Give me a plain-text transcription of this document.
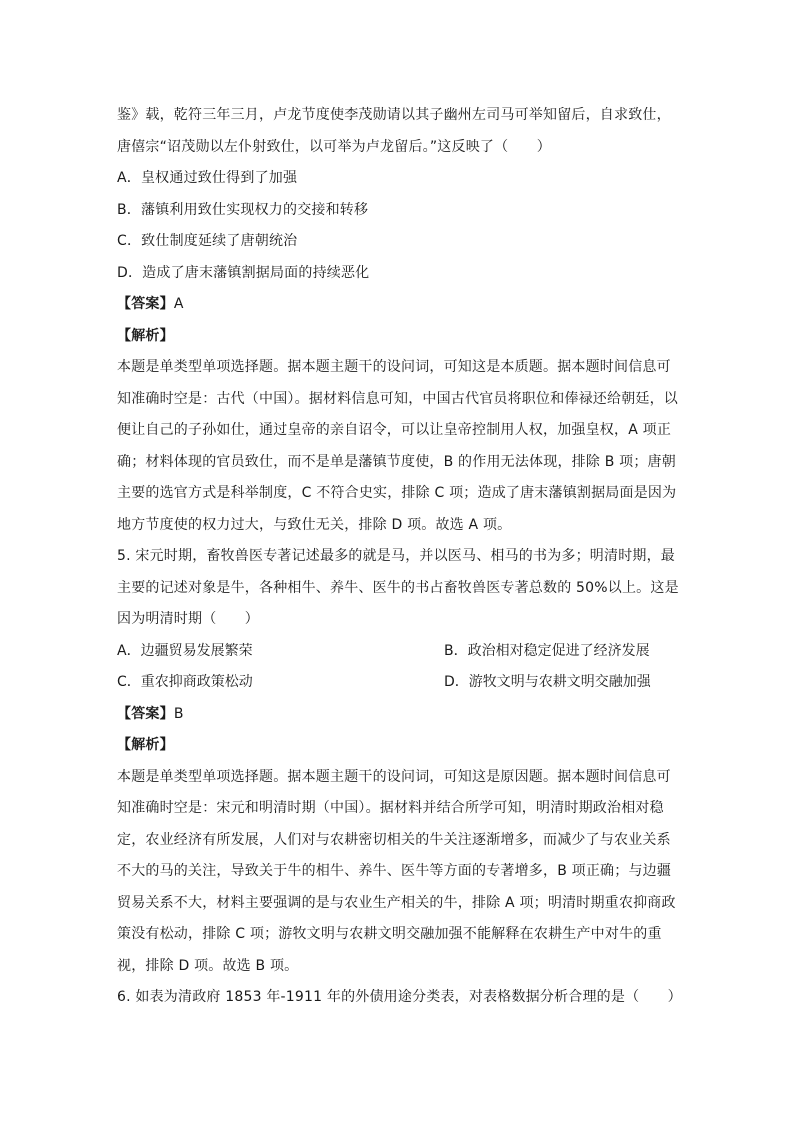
鉴》载，乾符三年三月，卢龙节度使李茂勋请以其子幽州左司马可举知留后，自求致仕，
唐僖宗“诏茂勋以左仆射致仕，以可举为卢龙留后。”这反映了（　　）
A．皇权通过致仕得到了加强
B．藩镇利用致仕实现权力的交接和转移
C．致仕制度延续了唐朝统治
D．造成了唐末藩镇割据局面的持续恶化
【答案】A
【解析】
本题是单类型单项选择题。据本题主题干的设问词，可知这是本质题。据本题时间信息可
知准确时空是：古代（中国）。据材料信息可知，中国古代官员将职位和俸禄还给朝廷，以
便让自己的子孙如仕，通过皇帝的亲自诏令，可以让皇帝控制用人权，加强皇权，A 项正
确；材料体现的官员致仕，而不是单是藩镇节度使，B 的作用无法体现，排除 B 项；唐朝
主要的选官方式是科举制度，C 不符合史实，排除 C 项；造成了唐末藩镇割据局面是因为
地方节度使的权力过大，与致仕无关，排除 D 项。故选 A 项。
5. 宋元时期，畜牧兽医专著记述最多的就是马，并以医马、相马的书为多；明清时期，最
主要的记述对象是牛，各种相牛、养牛、医牛的书占畜牧兽医专著总数的 50%以上。这是
因为明清时期（　　）
A．边疆贸易发展繁荣	B．政治相对稳定促进了经济发展
C．重农抑商政策松动	D．游牧文明与农耕文明交融加强
【答案】B
【解析】
本题是单类型单项选择题。据本题主题干的设问词，可知这是原因题。据本题时间信息可
知准确时空是：宋元和明清时期（中国）。据材料并结合所学可知，明清时期政治相对稳
定，农业经济有所发展，人们对与农耕密切相关的牛关注逐渐增多，而减少了与农业关系
不大的马的关注，导致关于牛的相牛、养牛、医牛等方面的专著增多，B 项正确；与边疆
贸易关系不大，材料主要强调的是与农业生产相关的牛，排除 A 项；明清时期重农抑商政
策没有松动，排除 C 项；游牧文明与农耕文明交融加强不能解释在农耕生产中对牛的重
视，排除 D 项。故选 B 项。
6. 如表为清政府 1853 年-1911 年的外债用途分类表，对表格数据分析合理的是（　　）
